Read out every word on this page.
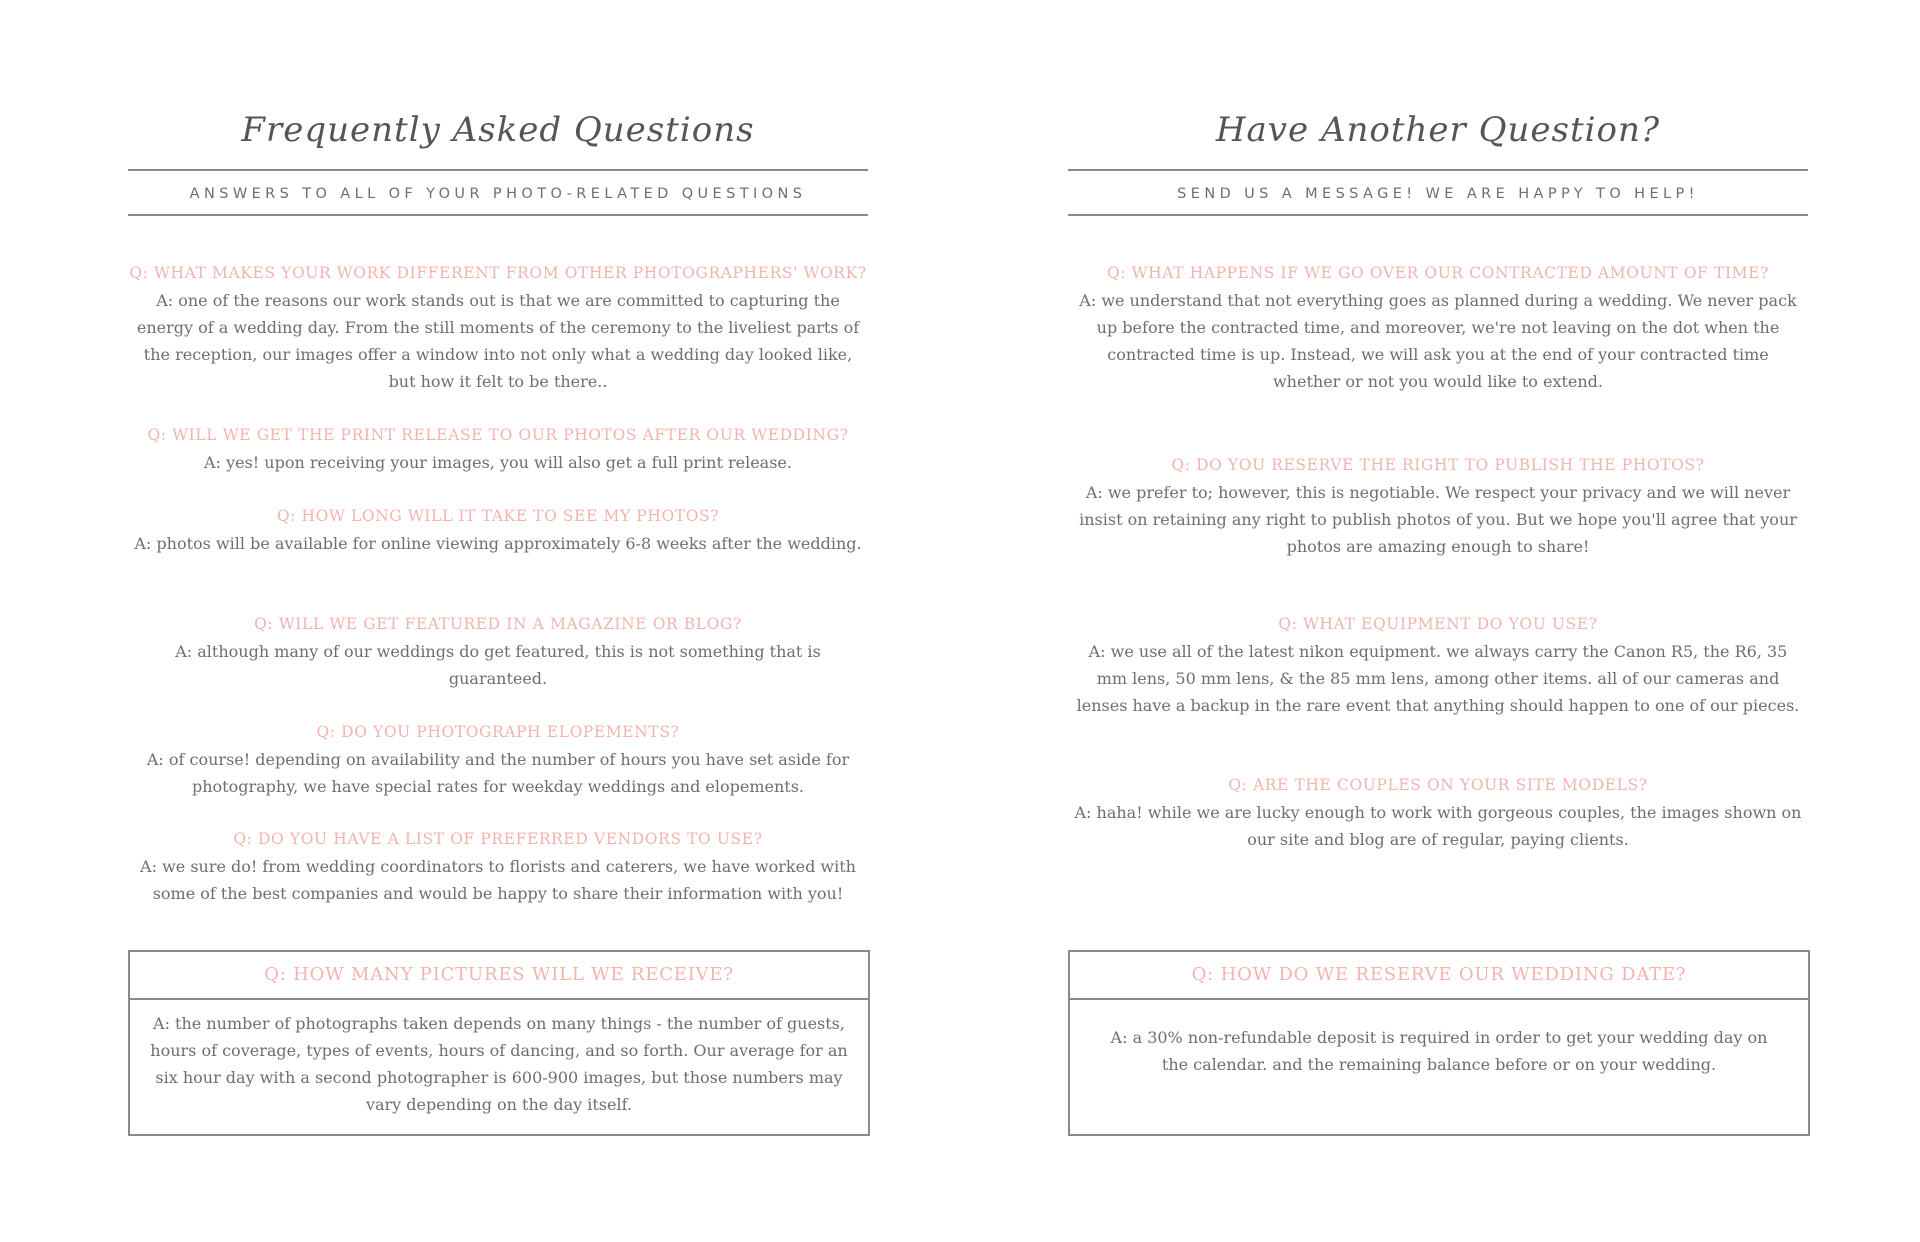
Frequently Asked Questions
ANSWERS TO ALL OF YOUR PHOTO-RELATED QUESTIONS
Q: WHAT MAKES YOUR WORK DIFFERENT FROM OTHER PHOTOGRAPHERS' WORK?
A: one of the reasons our work stands out is that we are committed to capturing the energy of a wedding day. From the still moments of the ceremony to the liveliest parts of the reception, our images offer a window into not only what a wedding day looked like, but how it felt to be there..
Q: WILL WE GET THE PRINT RELEASE TO OUR PHOTOS AFTER OUR WEDDING?
A: yes! upon receiving your images, you will also get a full print release.
Q: HOW LONG WILL IT TAKE TO SEE MY PHOTOS?
A: photos will be available for online viewing approximately 6-8 weeks after the wedding.
Q: WILL WE GET FEATURED IN A MAGAZINE OR BLOG?
A: although many of our weddings do get featured, this is not something that is guaranteed.
Q: DO YOU PHOTOGRAPH ELOPEMENTS?
A: of course! depending on availability and the number of hours you have set aside for photography, we have special rates for weekday weddings and elopements.
Q: DO YOU HAVE A LIST OF PREFERRED VENDORS TO USE?
A: we sure do! from wedding coordinators to florists and caterers, we have worked with some of the best companies and would be happy to share their information with you!
Q: HOW MANY PICTURES WILL WE RECEIVE?
A: the number of photographs taken depends on many things - the number of guests, hours of coverage, types of events, hours of dancing, and so forth. Our average for an six hour day with a second photographer is 600-900 images, but those numbers may vary depending on the day itself.
Have Another Question?
SEND US A MESSAGE! WE ARE HAPPY TO HELP!
Q: WHAT HAPPENS IF WE GO OVER OUR CONTRACTED AMOUNT OF TIME?
A: we understand that not everything goes as planned during a wedding. We never pack up before the contracted time, and moreover, we're not leaving on the dot when the contracted time is up. Instead, we will ask you at the end of your contracted time whether or not you would like to extend.
Q: DO YOU RESERVE THE RIGHT TO PUBLISH THE PHOTOS?
A: we prefer to; however, this is negotiable. We respect your privacy and we will never insist on retaining any right to publish photos of you. But we hope you'll agree that your photos are amazing enough to share!
Q: WHAT EQUIPMENT DO YOU USE?
A: we use all of the latest nikon equipment. we always carry the Canon R5, the R6, 35 mm lens, 50 mm lens, & the 85 mm lens, among other items. all of our cameras and lenses have a backup in the rare event that anything should happen to one of our pieces.
Q: ARE THE COUPLES ON YOUR SITE MODELS?
A: haha! while we are lucky enough to work with gorgeous couples, the images shown on our site and blog are of regular, paying clients.
Q: HOW DO WE RESERVE OUR WEDDING DATE?
A: a 30% non-refundable deposit is required in order to get your wedding day on the calendar. and the remaining balance before or on your wedding.
